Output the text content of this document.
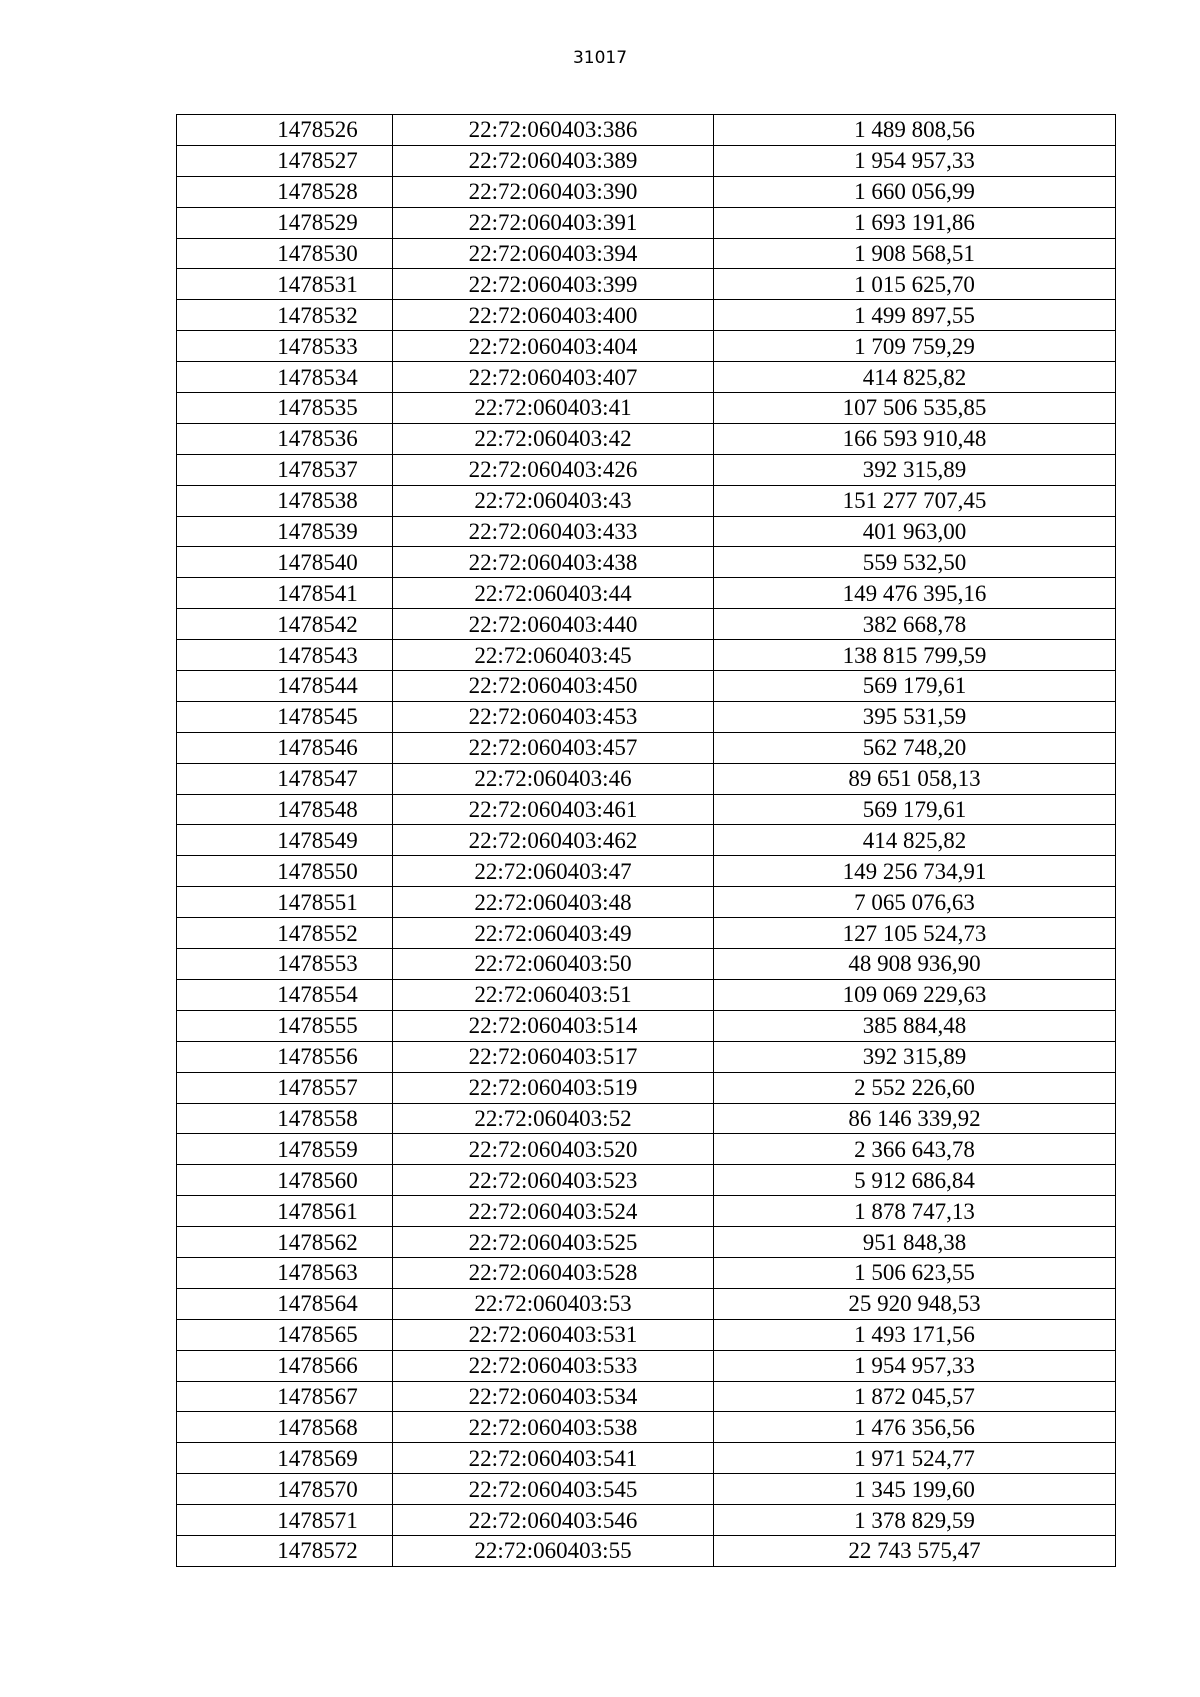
31017
1478526	22:72:060403:386	1 489 808,56
1478527	22:72:060403:389	1 954 957,33
1478528	22:72:060403:390	1 660 056,99
1478529	22:72:060403:391	1 693 191,86
1478530	22:72:060403:394	1 908 568,51
1478531	22:72:060403:399	1 015 625,70
1478532	22:72:060403:400	1 499 897,55
1478533	22:72:060403:404	1 709 759,29
1478534	22:72:060403:407	414 825,82
1478535	22:72:060403:41	107 506 535,85
1478536	22:72:060403:42	166 593 910,48
1478537	22:72:060403:426	392 315,89
1478538	22:72:060403:43	151 277 707,45
1478539	22:72:060403:433	401 963,00
1478540	22:72:060403:438	559 532,50
1478541	22:72:060403:44	149 476 395,16
1478542	22:72:060403:440	382 668,78
1478543	22:72:060403:45	138 815 799,59
1478544	22:72:060403:450	569 179,61
1478545	22:72:060403:453	395 531,59
1478546	22:72:060403:457	562 748,20
1478547	22:72:060403:46	89 651 058,13
1478548	22:72:060403:461	569 179,61
1478549	22:72:060403:462	414 825,82
1478550	22:72:060403:47	149 256 734,91
1478551	22:72:060403:48	7 065 076,63
1478552	22:72:060403:49	127 105 524,73
1478553	22:72:060403:50	48 908 936,90
1478554	22:72:060403:51	109 069 229,63
1478555	22:72:060403:514	385 884,48
1478556	22:72:060403:517	392 315,89
1478557	22:72:060403:519	2 552 226,60
1478558	22:72:060403:52	86 146 339,92
1478559	22:72:060403:520	2 366 643,78
1478560	22:72:060403:523	5 912 686,84
1478561	22:72:060403:524	1 878 747,13
1478562	22:72:060403:525	951 848,38
1478563	22:72:060403:528	1 506 623,55
1478564	22:72:060403:53	25 920 948,53
1478565	22:72:060403:531	1 493 171,56
1478566	22:72:060403:533	1 954 957,33
1478567	22:72:060403:534	1 872 045,57
1478568	22:72:060403:538	1 476 356,56
1478569	22:72:060403:541	1 971 524,77
1478570	22:72:060403:545	1 345 199,60
1478571	22:72:060403:546	1 378 829,59
1478572	22:72:060403:55	22 743 575,47
